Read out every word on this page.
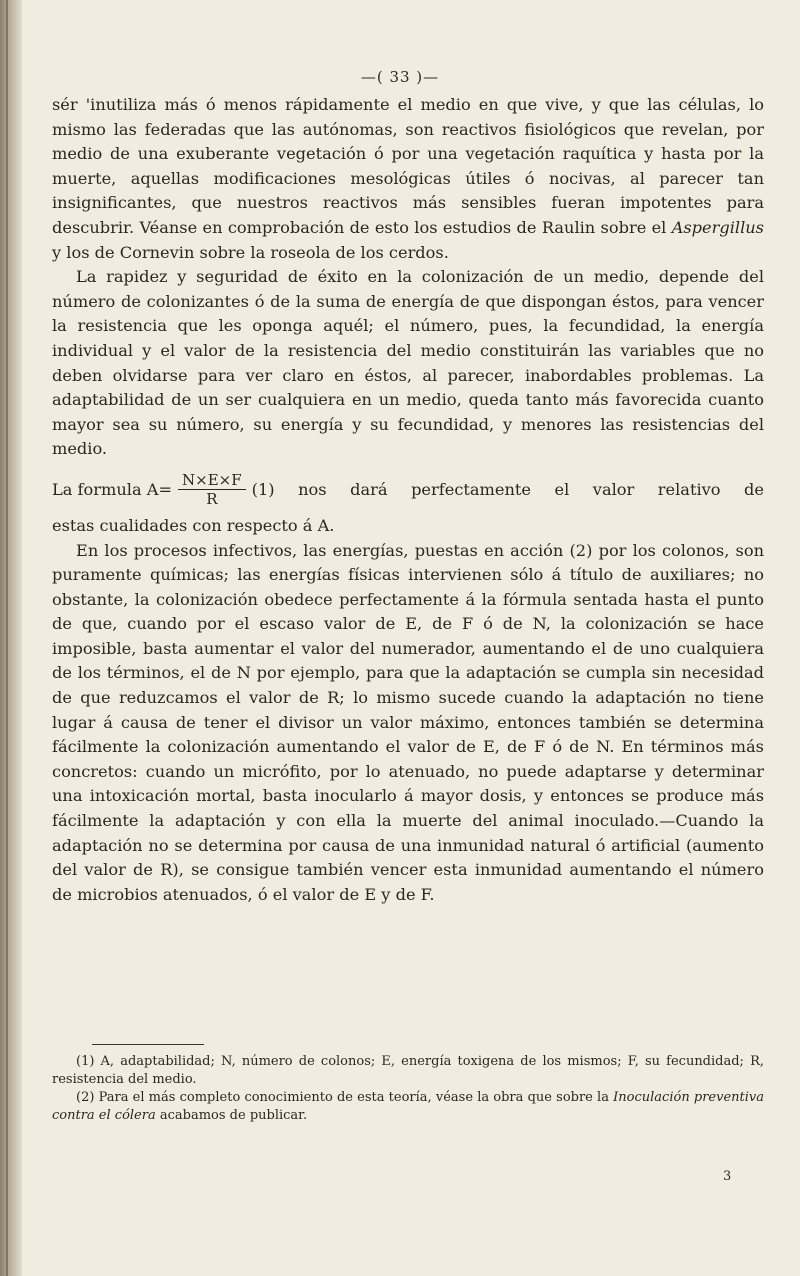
—( 33 )—

sér 'inutiliza más ó menos rápidamente el medio en que vive, y que las células, lo mismo las federadas que las autónomas, son reactivos fisiológicos que revelan, por medio de una exuberante vegetación ó por una vegetación raquítica y hasta por la muerte, aquellas modificaciones mesológicas útiles ó nocivas, al parecer tan insignificantes, que nuestros reactivos más sensibles fueran impotentes para descubrir. Véanse en comprobación de esto los estudios de Raulin sobre el Aspergillus y los de Cornevin sobre la roseola de los cerdos.

La rapidez y seguridad de éxito en la colonización de un medio, depende del número de colonizantes ó de la suma de energía de que dispongan éstos, para vencer la resistencia que les oponga aquél; el número, pues, la fecundidad, la energía individual y el valor de la resistencia del medio constituirán las variables que no deben olvidarse para ver claro en éstos, al parecer, inabordables problemas. La adaptabilidad de un ser cualquiera en un medio, queda tanto más favorecida cuanto mayor sea su número, su energía y su fecundidad, y menores las resistencias del medio.

La formula $A= \frac{N\times E\times F}{R} (1)$ nos dará perfectamente el valor relativo de

estas cualidades con respecto á A.

En los procesos infectivos, las energías, puestas en acción (2) por los colonos, son puramente químicas; las energías físicas intervienen sólo á título de auxiliares; no obstante, la colonización obedece perfectamente á la fórmula sentada hasta el punto de que, cuando por el escaso valor de E, de F ó de N, la colonización se hace imposible, basta aumentar el valor del numerador, aumentando el de uno cualquiera de los términos, el de N por ejemplo, para que la adaptación se cumpla sin necesidad de que reduzcamos el valor de R; lo mismo sucede cuando la adaptación no tiene lugar á causa de tener el divisor un valor máximo, entonces también se determina fácilmente la colonización aumentando el valor de E, de F ó de N. En términos más concretos: cuando un micrófito, por lo atenuado, no puede adaptarse y determinar una intoxicación mortal, basta inocularlo á mayor dosis, y entonces se produce más fácilmente la adaptación y con ella la muerte del animal inoculado.—Cuando la adaptación no se determina por causa de una inmunidad natural ó artificial (aumento del valor de R), se consigue también vencer esta inmunidad aumentando el número de microbios atenuados, ó el valor de E y de F.

(1) A, adaptabilidad; N, número de colonos; E, energía toxigena de los mismos; F, su fecundidad; R, resistencia del medio.

(2) Para el más completo conocimiento de esta teoría, véase la obra que sobre la Inoculación preventiva contra el cólera acabamos de publicar.

3
